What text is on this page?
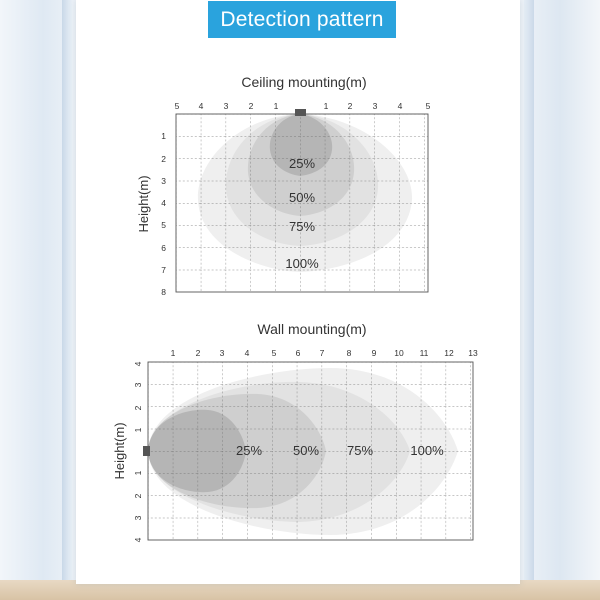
Detection pattern
Ceiling mounting(m)
5 4 3 2 1	1 2 3 4	5
1
2
3
4
5
6
7
8
Height(m)
25%
50%
75%
100%
Wall mounting(m)
1 2 3 4	5 6 7	8 9 10 11 12 13
4
3
2
1
1
2
3
4
Height(m)	25% 50% 75%	100%
